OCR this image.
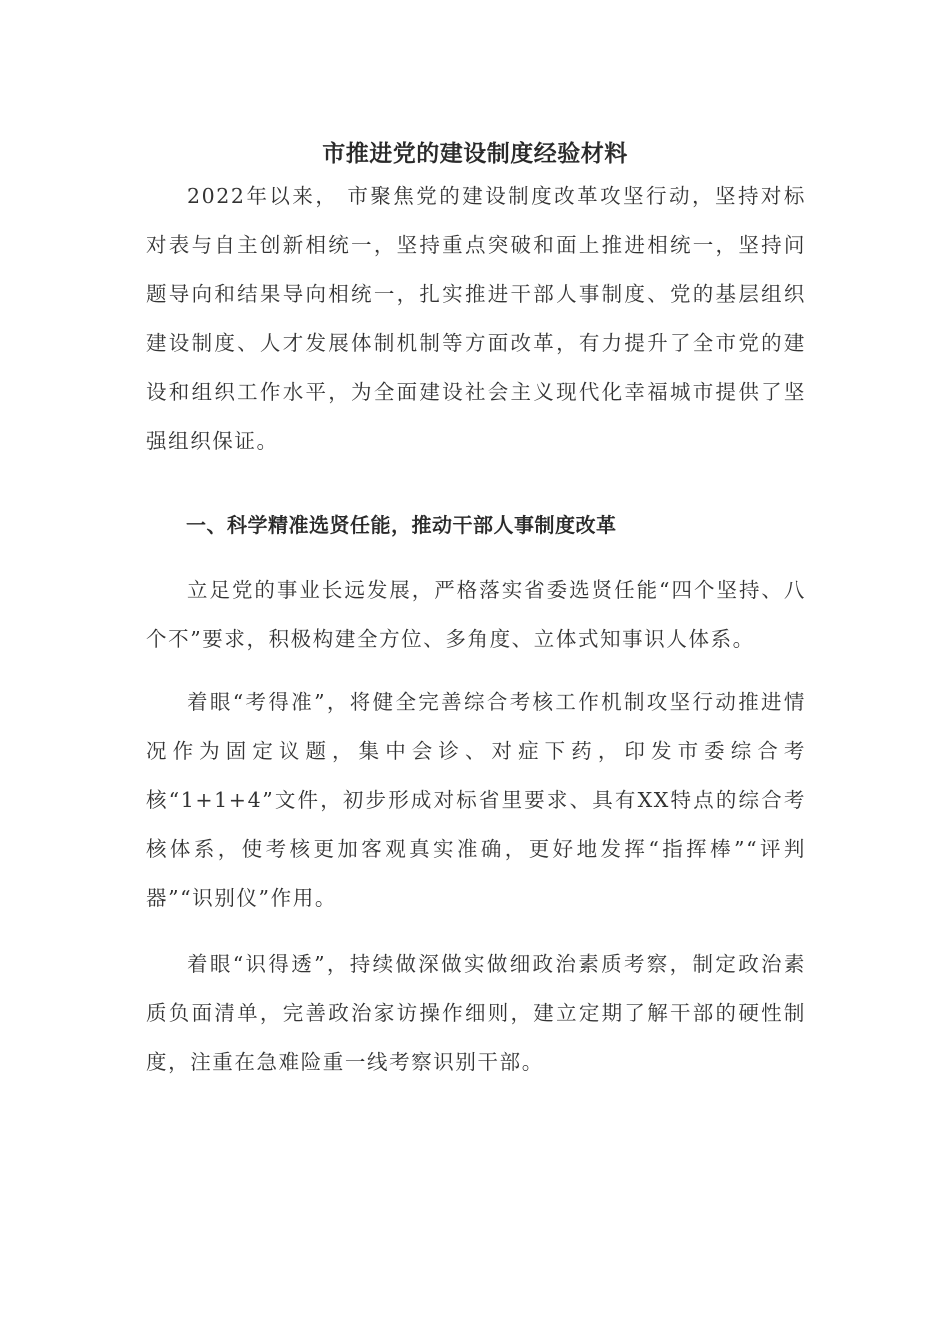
市推进党的建设制度经验材料
2022年以来， 市聚焦党的建设制度改革攻坚行动，坚持对标对表与自主创新相统一，坚持重点突破和面上推进相统一，坚持问题导向和结果导向相统一，扎实推进干部人事制度、党的基层组织建设制度、人才发展体制机制等方面改革，有力提升了全市党的建设和组织工作水平，为全面建设社会主义现代化幸福城市提供了坚强组织保证。
一、科学精准选贤任能，推动干部人事制度改革
立足党的事业长远发展，严格落实省委选贤任能“四个坚持、八个不”要求，积极构建全方位、多角度、立体式知事识人体系。
着眼“考得准”，将健全完善综合考核工作机制攻坚行动推进情况作为固定议题，集中会诊、对症下药，印发市委综合考核“1+1+4”文件，初步形成对标省里要求、具有XX特点的综合考核体系，使考核更加客观真实准确，更好地发挥“指挥棒”“评判器”“识别仪”作用。
着眼“识得透”，持续做深做实做细政治素质考察，制定政治素质负面清单，完善政治家访操作细则，建立定期了解干部的硬性制度，注重在急难险重一线考察识别干部。
